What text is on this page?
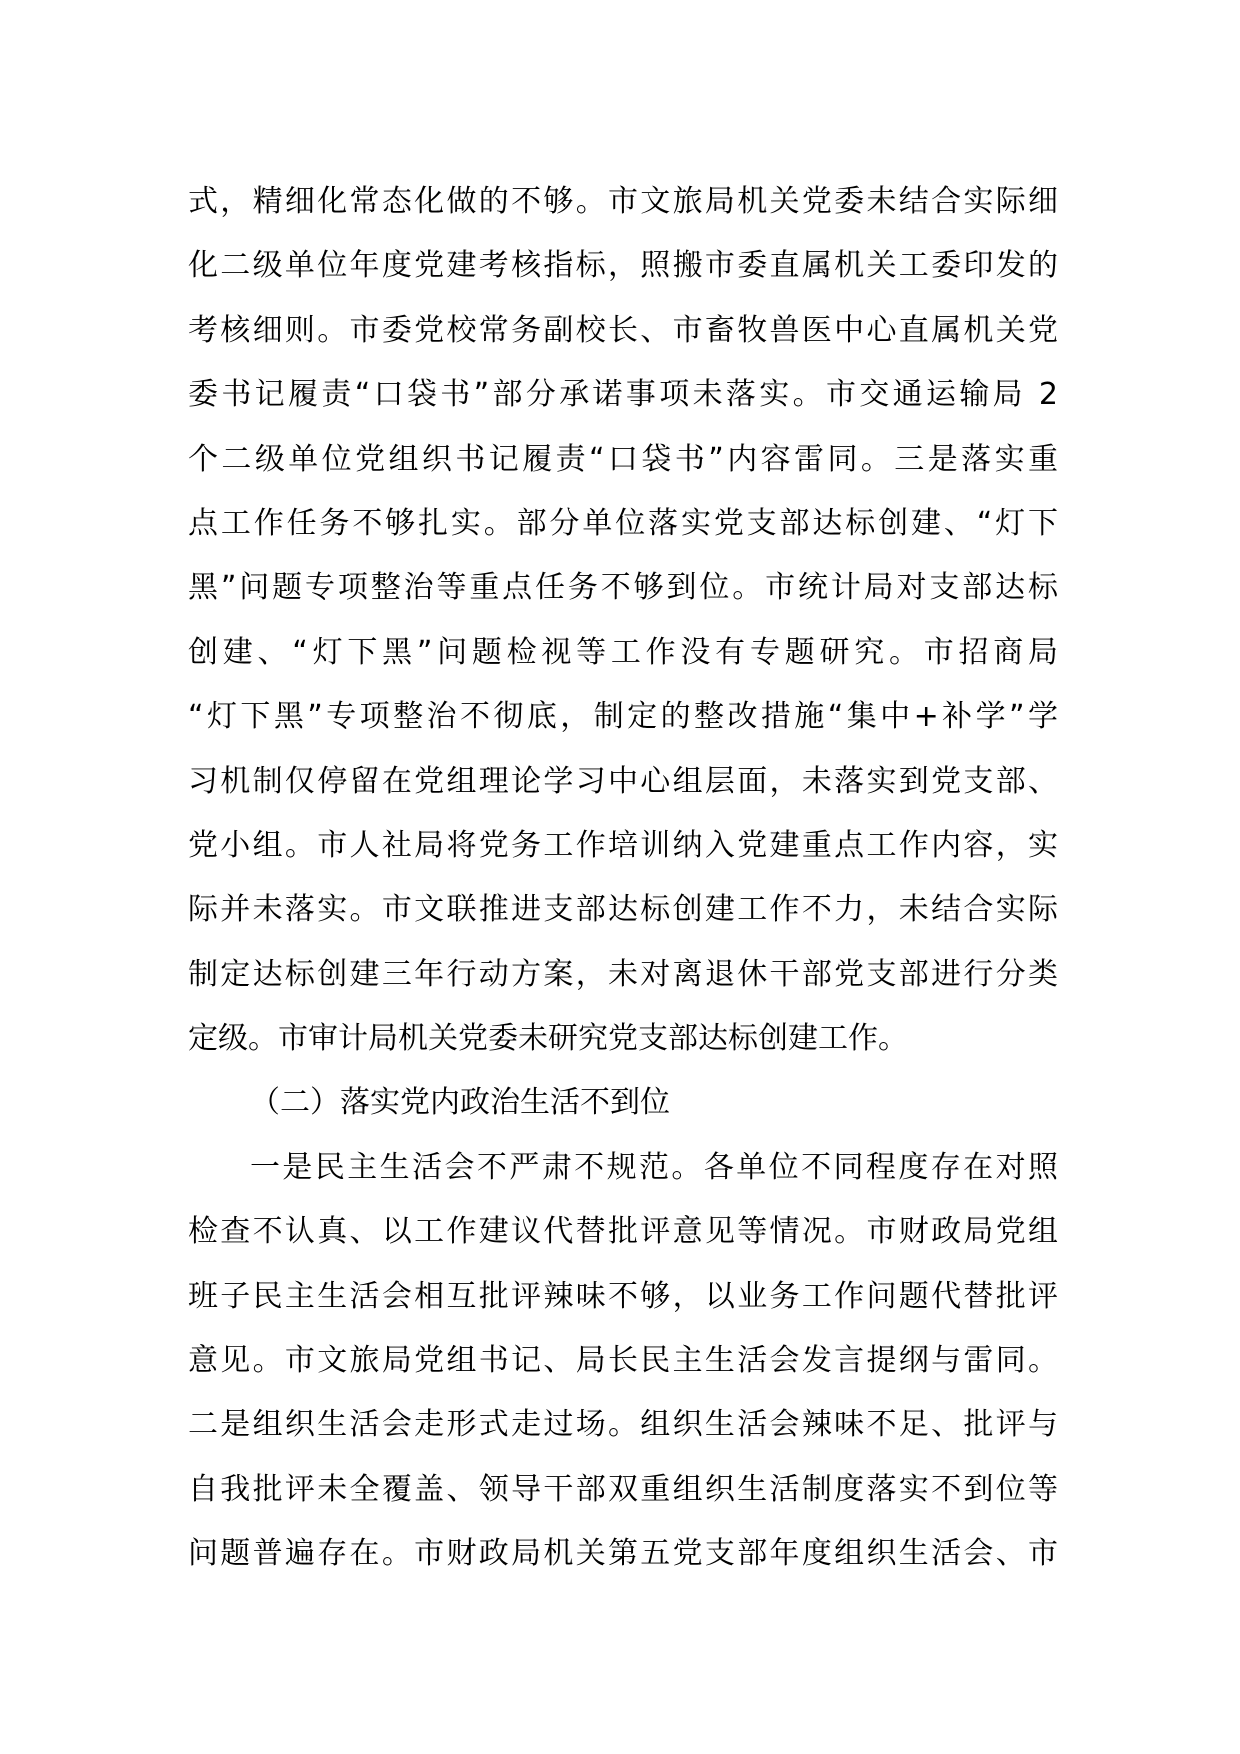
式，精细化常态化做的不够。市文旅局机关党委未结合实际细
化二级单位年度党建考核指标，照搬市委直属机关工委印发的
考核细则。市委党校常务副校长、市畜牧兽医中心直属机关党
委书记履责“口袋书”部分承诺事项未落实。市交通运输局 2
个二级单位党组织书记履责“口袋书”内容雷同。三是落实重
点工作任务不够扎实。部分单位落实党支部达标创建、“灯下
黑”问题专项整治等重点任务不够到位。市统计局对支部达标
创建、“灯下黑”问题检视等工作没有专题研究。市招商局
“灯下黑”专项整治不彻底，制定的整改措施“集中+补学”学
习机制仅停留在党组理论学习中心组层面，未落实到党支部、
党小组。市人社局将党务工作培训纳入党建重点工作内容，实
际并未落实。市文联推进支部达标创建工作不力，未结合实际
制定达标创建三年行动方案，未对离退休干部党支部进行分类
定级。市审计局机关党委未研究党支部达标创建工作。
（二）落实党内政治生活不到位
一是民主生活会不严肃不规范。各单位不同程度存在对照
检查不认真、以工作建议代替批评意见等情况。市财政局党组
班子民主生活会相互批评辣味不够，以业务工作问题代替批评
意见。市文旅局党组书记、局长民主生活会发言提纲与雷同。
二是组织生活会走形式走过场。组织生活会辣味不足、批评与
自我批评未全覆盖、领导干部双重组织生活制度落实不到位等
问题普遍存在。市财政局机关第五党支部年度组织生活会、市
